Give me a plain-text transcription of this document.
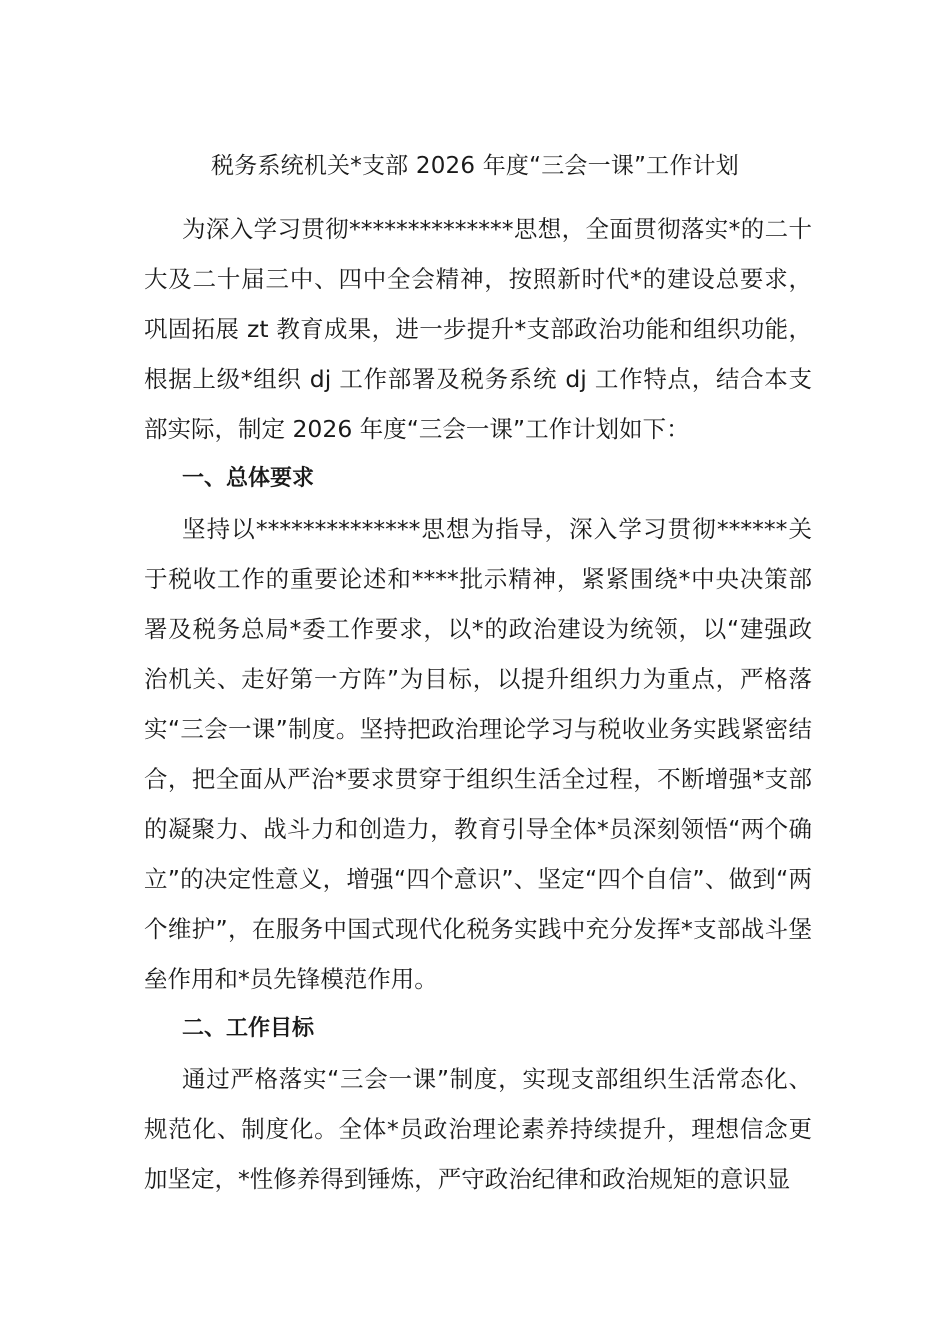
税务系统机关*支部 2026 年度“三会一课”工作计划

为深入学习贯彻**************思想，全面贯彻落实*的二十大及二十届三中、四中全会精神，按照新时代*的建设总要求，巩固拓展 zt 教育成果，进一步提升*支部政治功能和组织功能，根据上级*组织 dj 工作部署及税务系统 dj 工作特点，结合本支部实际，制定 2026 年度“三会一课”工作计划如下：

一、总体要求

坚持以**************思想为指导，深入学习贯彻******关于税收工作的重要论述和****批示精神，紧紧围绕*中央决策部署及税务总局*委工作要求，以*的政治建设为统领，以“建强政治机关、走好第一方阵”为目标，以提升组织力为重点，严格落实“三会一课”制度。坚持把政治理论学习与税收业务实践紧密结合，把全面从严治*要求贯穿于组织生活全过程，不断增强*支部的凝聚力、战斗力和创造力，教育引导全体*员深刻领悟“两个确立”的决定性意义，增强“四个意识”、坚定“四个自信”、做到“两个维护”，在服务中国式现代化税务实践中充分发挥*支部战斗堡垒作用和*员先锋模范作用。

二、工作目标

通过严格落实“三会一课”制度，实现支部组织生活常态化、规范化、制度化。全体*员政治理论素养持续提升，理想信念更加坚定，*性修养得到锤炼，严守政治纪律和政治规矩的意识显
